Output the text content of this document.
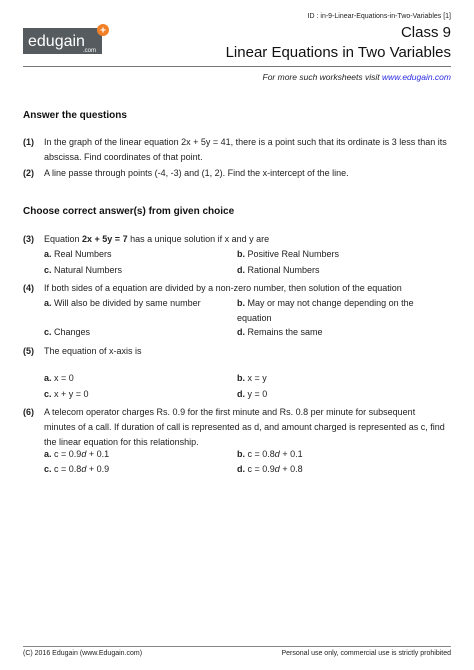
+
edugain
.com
ID : in-9-Linear-Equations-in-Two-Variables [1]
Class 9
Linear Equations in Two Variables
For more such worksheets visit www.edugain.com
Answer the questions
(1) In the graph of the linear equation 2x + 5y = 41, there is a point such that its ordinate is 3 less than its abscissa. Find coordinates of that point.
(2) A line passe through points (-4, -3) and (1, 2). Find the x-intercept of the line.
Choose correct answer(s) from given choice
(3) Equation 2x + 5y = 7 has a unique solution if x and y are
a. Real Numbers	b. Positive Real Numbers
c. Natural Numbers	d. Rational Numbers
(4) If both sides of a equation are divided by a non-zero number, then solution of the equation
a. Will also be divided by same number	b. May or may not change depending on the equation
c. Changes	d. Remains the same
(5) The equation of x-axis is
a. x = 0	b. x = y
c. x + y = 0	d. y = 0
(6) A telecom operator charges Rs. 0.9 for the first minute and Rs. 0.8 per minute for subsequent minutes of a call. If duration of call is represented as d, and amount charged is represented as c, find the linear equation for this relationship.
a. c = 0.9d + 0.1	b. c = 0.8d + 0.1
c. c = 0.8d + 0.9	d. c = 0.9d + 0.8
(C) 2016 Edugain (www.Edugain.com)	Personal use only, commercial use is strictly prohibited
